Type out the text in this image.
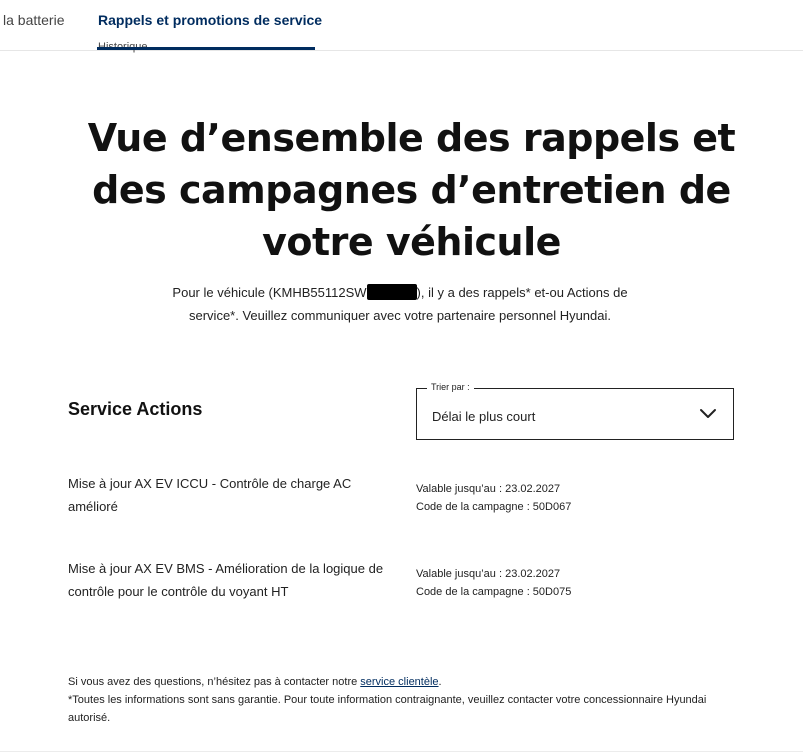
la batterie Rappels et promotions de service
Vue d’ensemble des rappels et des campagnes d’entretien de votre véhicule

Pour le véhicule (KMHB55112SW	), il y a des rappels* et-ou Actions de service*. Veuillez communiquer avec votre partenaire personnel Hyundai.

Service Actions
Trier par :
Délai le plus court
Mise à jour AX EV ICCU - Contrôle de charge AC amélioré
Valable jusqu’au : 23.02.2027
Code de la campagne : 50D067
Mise à jour AX EV BMS - Amélioration de la logique de contrôle pour le contrôle du voyant HT
Valable jusqu’au : 23.02.2027
Code de la campagne : 50D075
Si vous avez des questions, n’hésitez pas à contacter notre service clientèle.
*Toutes les informations sont sans garantie. Pour toute information contraignante, veuillez contacter votre concessionnaire Hyundai autorisé.
